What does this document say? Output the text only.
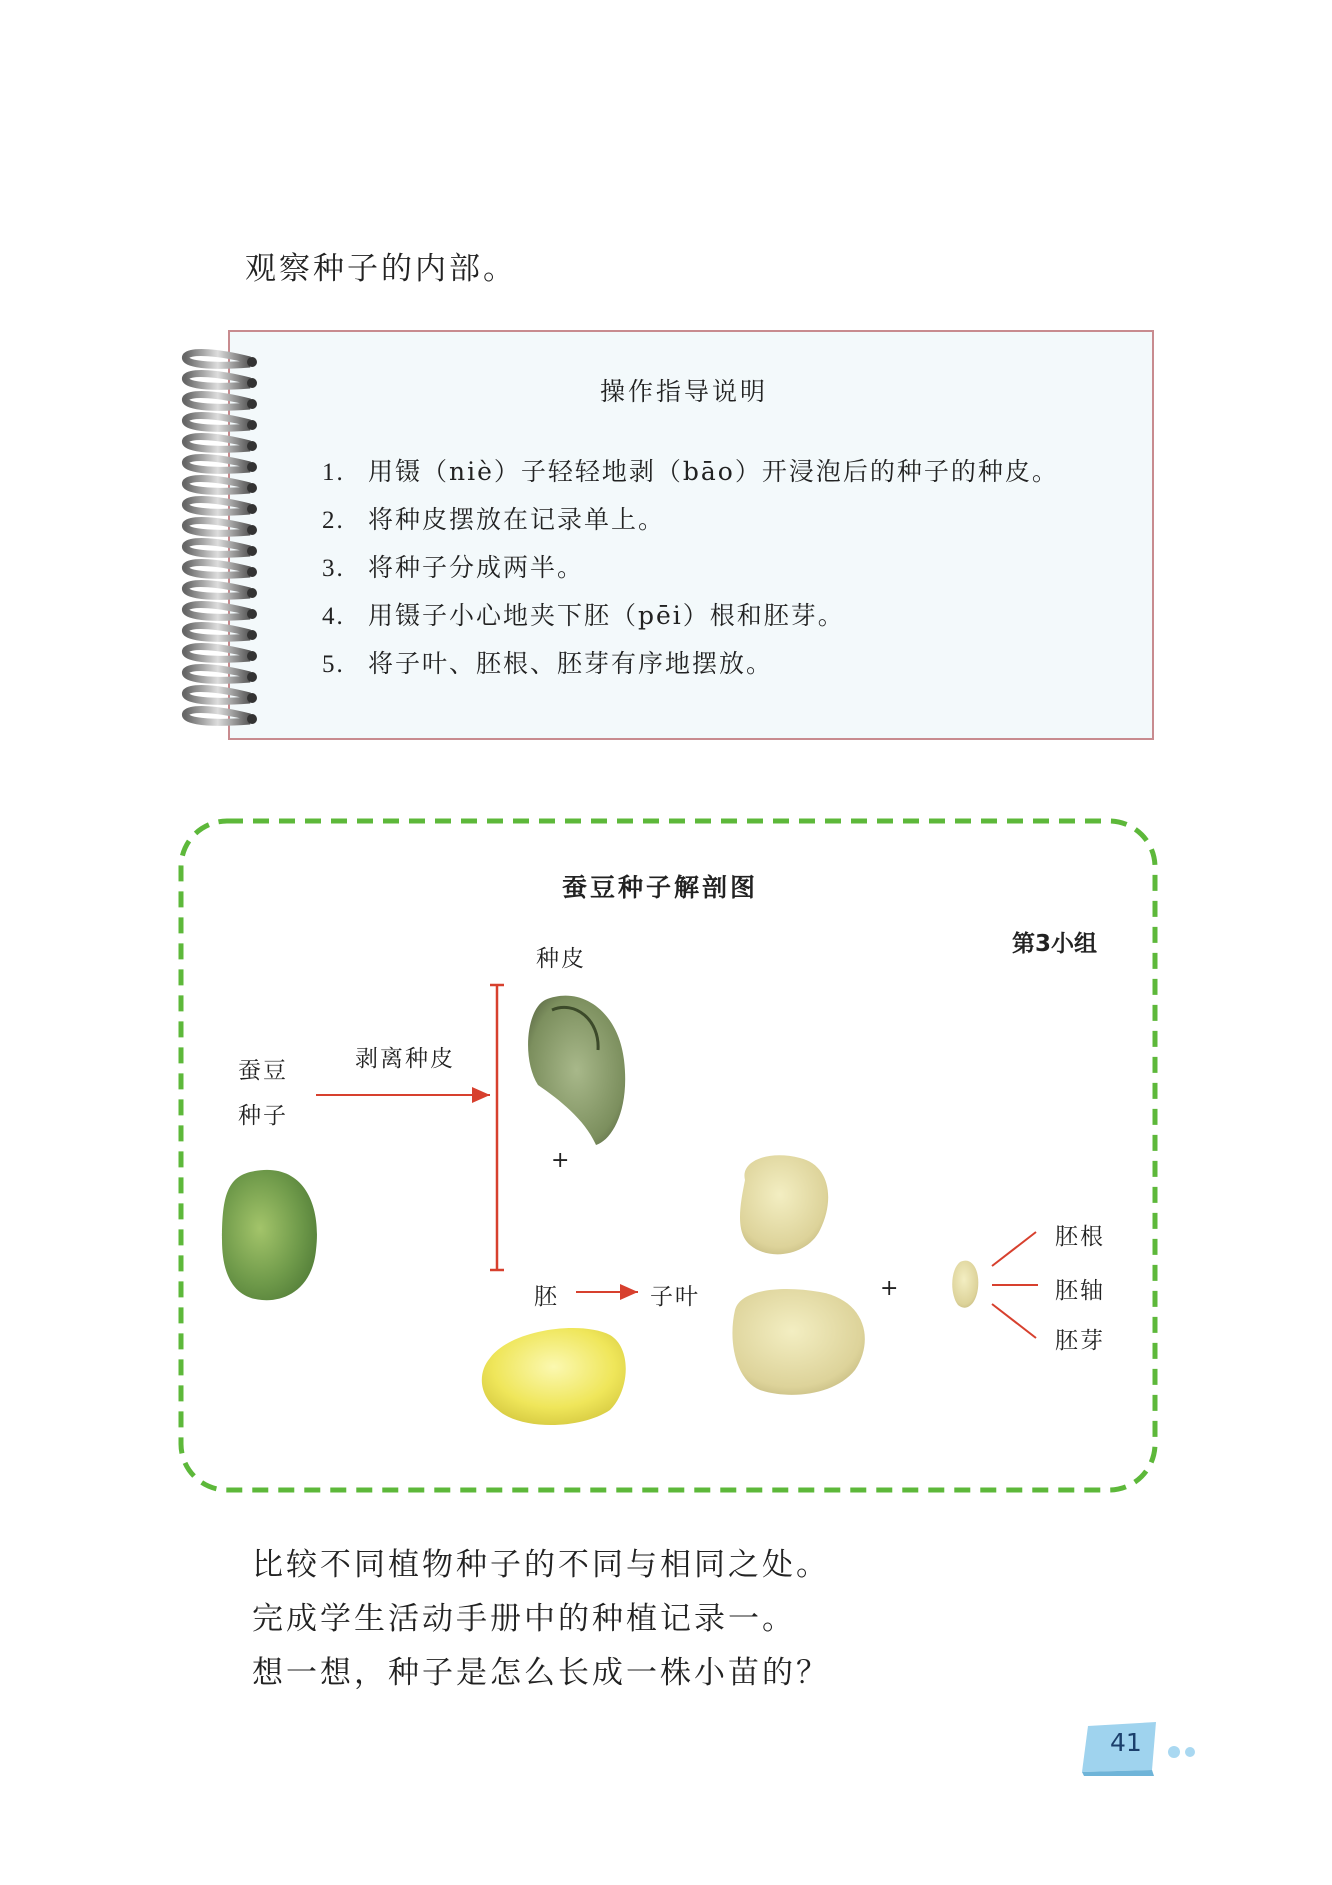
观察种子的内部。
操作指导说明
1. 用镊（niè）子轻轻地剥（bāo）开浸泡后的种子的种皮。
2. 将种皮摆放在记录单上。
3. 将种子分成两半。
4. 用镊子小心地夹下胚（pēi）根和胚芽。
5. 将子叶、胚根、胚芽有序地摆放。
蚕豆种子解剖图
第3小组
蚕豆
种子
剥离种皮
种皮
+
胚	子叶	+
胚根
胚轴
胚芽
比较不同植物种子的不同与相同之处。
完成学生活动手册中的种植记录一。
想一想，种子是怎么长成一株小苗的？
41
